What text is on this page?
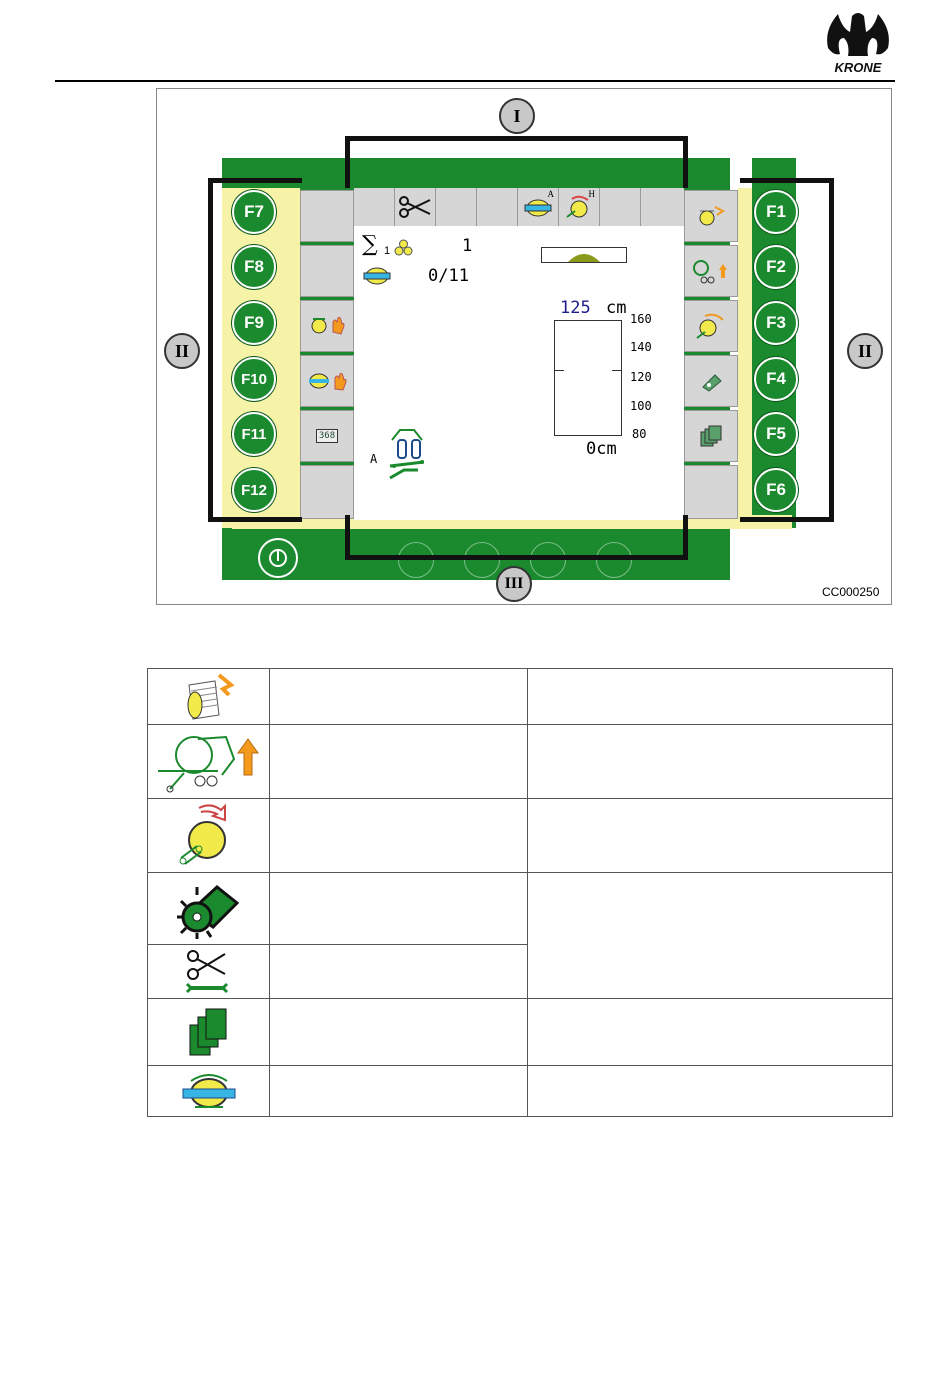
KRONE
A	H
∑ 1	1
0/11
125 cm
160
140
120
100
80
0cm
A
368
F7
F8
F9
F10
F11
F12
F1
F2
F3
F4
F5
F6
I
II	II
III	CC000250
